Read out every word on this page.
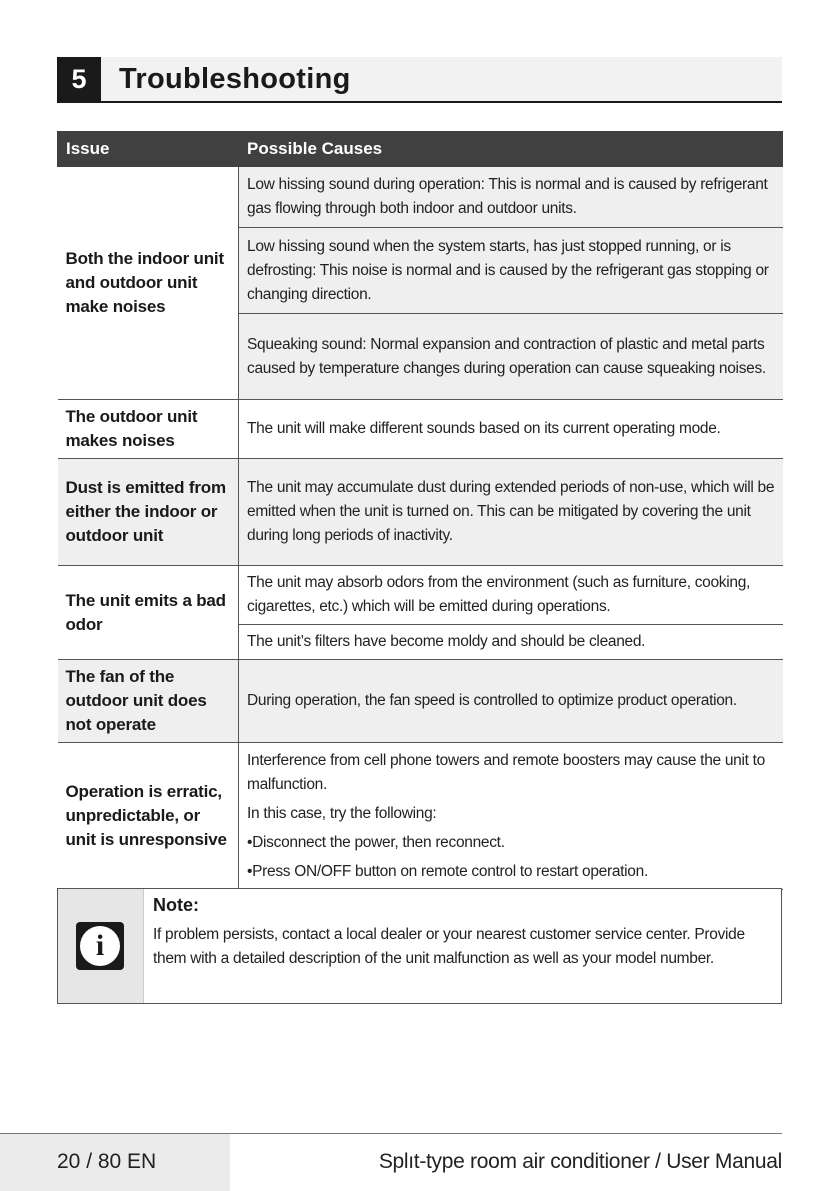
5	Troubleshooting
Issue	Possible Causes
Both the indoor unit and outdoor unit make noises	Low hissing sound during operation: This is normal and is caused by refrigerant gas flowing through both indoor and outdoor units.
	Low hissing sound when the system starts, has just stopped running, or is defrosting: This noise is normal and is caused by the refrigerant gas stopping or changing direction.
	Squeaking sound: Normal expansion and contraction of plastic and metal parts caused by temperature changes during operation can cause squeaking noises.
The outdoor unit makes noises	The unit will make different sounds based on its current operating mode.
Dust is emitted from either the indoor or outdoor unit	The unit may accumulate dust during extended periods of non-use, which will be emitted when the unit is turned on. This can be mitigated by covering the unit during long periods of inactivity.
The unit emits a bad odor	The unit may absorb odors from the environment (such as furniture, cooking, cigarettes, etc.) which will be emitted during operations.
	The unit’s filters have become moldy and should be cleaned.
The fan of the outdoor unit does not operate	During operation, the fan speed is controlled to optimize product operation.
Operation is erratic, unpredictable, or unit is unresponsive	Interference from cell phone towers and remote boosters may cause the unit to malfunction.
In this case, try the following:
•Disconnect the power, then reconnect.
•Press ON/OFF button on remote control to restart operation.
i
Note:
If problem persists, contact a local dealer or your nearest customer service center. Provide them with a detailed description of the unit malfunction as well as your model number.
20 / 80 EN	Splıt-type room air conditioner / User Manual
